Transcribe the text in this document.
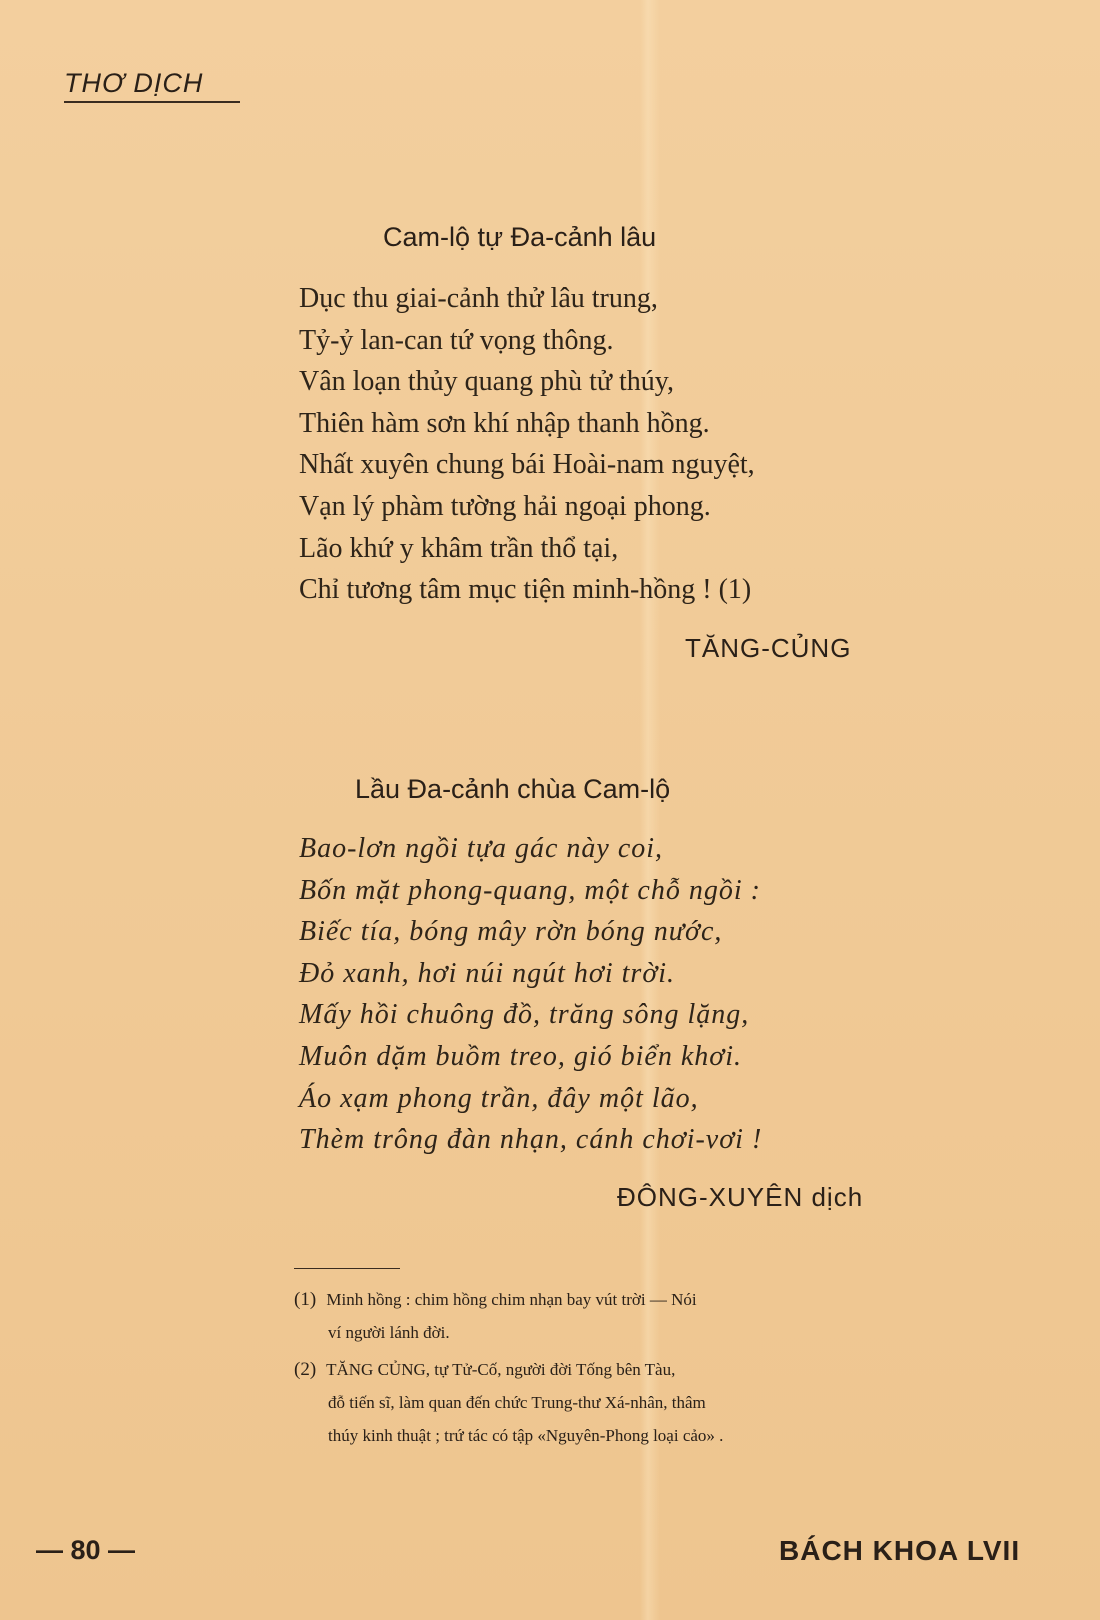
THƠ DỊCH
Cam-lộ tự Đa-cảnh lâu
Dục thu giai-cảnh thử lâu trung,
Tỷ-ỷ lan-can tứ vọng thông.
Vân loạn thủy quang phù tử thúy,
Thiên hàm sơn khí nhập thanh hồng.
Nhất xuyên chung bái Hoài-nam nguyệt,
Vạn lý phàm tường hải ngoại phong.
Lão khứ y khâm trần thổ tại,
Chỉ tương tâm mục tiện minh-hồng ! (1)
TĂNG-CỦNG
Lầu Đa-cảnh chùa Cam-lộ
Bao-lơn ngồi tựa gác này coi,
Bốn mặt phong-quang, một chỗ ngồi :
Biếc tía, bóng mây rờn bóng nước,
Đỏ xanh, hơi núi ngút hơi trời.
Mấy hồi chuông đồ, trăng sông lặng,
Muôn dặm buồm treo, gió biển khơi.
Áo xạm phong trần, đây một lão,
Thèm trông đàn nhạn, cánh chơi-vơi !
ĐÔNG-XUYÊN dịch
(1) Minh hồng : chim hồng chim nhạn bay vút trời — Nói
ví người lánh đời.
(2) TĂNG CỦNG, tự Tử-Cố, người đời Tống bên Tàu,
đỗ tiến sĩ, làm quan đến chức Trung-thư Xá-nhân, thâm
thúy kinh thuật ; trứ tác có tập «Nguyên-Phong loại cảo» .
— 80 —	BÁCH KHOA LVII
